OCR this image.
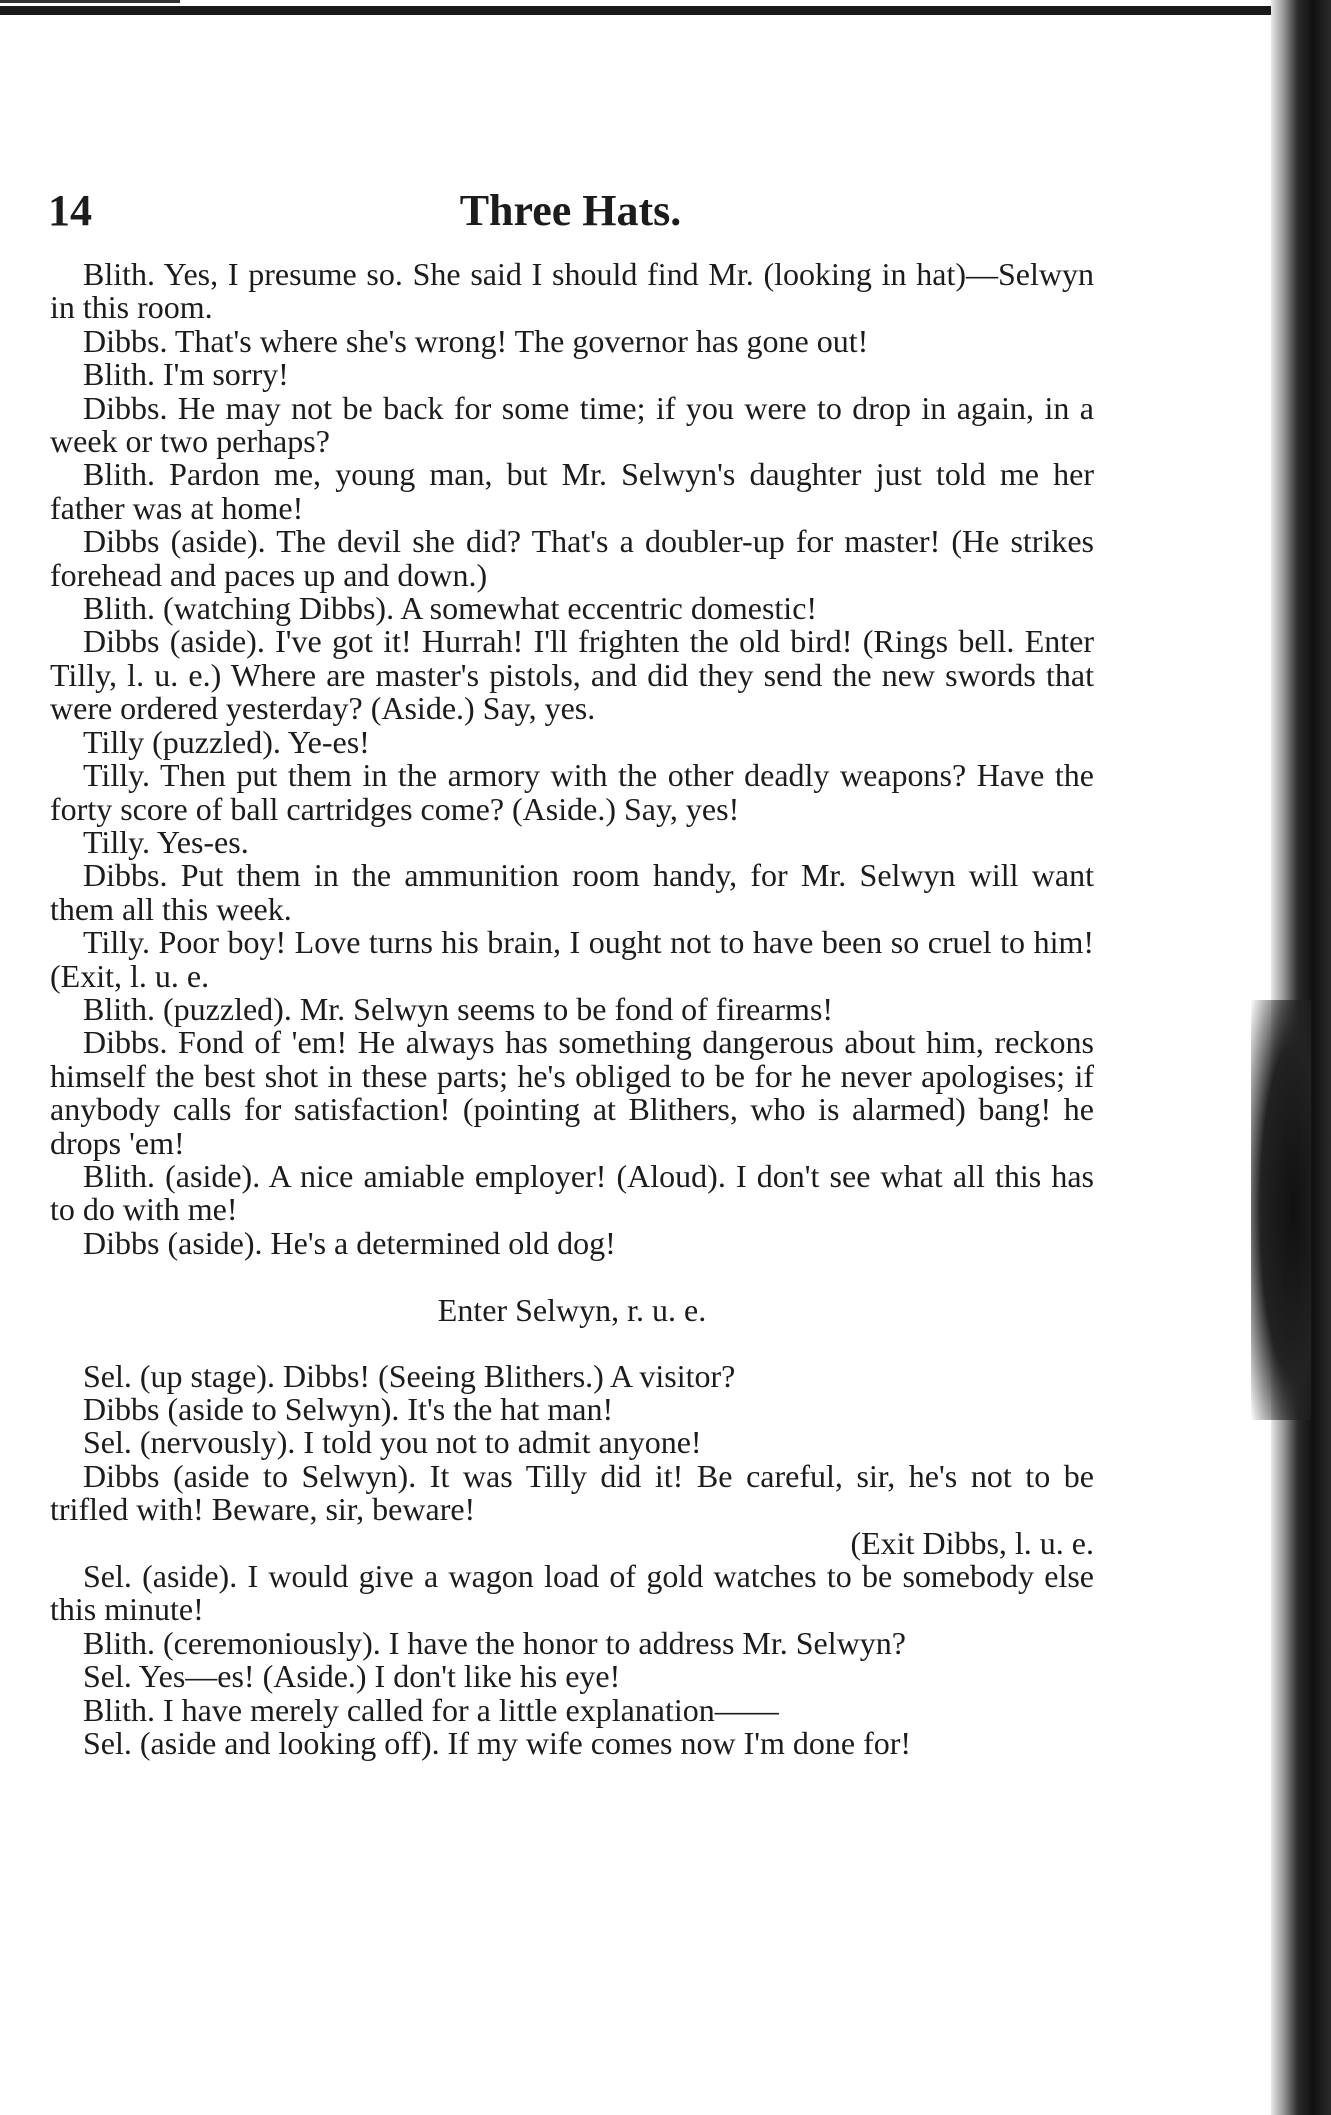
14	Three Hats.

Blith. Yes, I presume so. She said I should find Mr. (looking in hat)—Selwyn in this room.

Dibbs. That's where she's wrong! The governor has gone out!

Blith. I'm sorry!

Dibbs. He may not be back for some time; if you were to drop in again, in a week or two perhaps?

Blith. Pardon me, young man, but Mr. Selwyn's daughter just told me her father was at home!

Dibbs (aside). The devil she did? That's a doubler-up for master! (He strikes forehead and paces up and down.)

Blith. (watching Dibbs). A somewhat eccentric domestic!

Dibbs (aside). I've got it! Hurrah! I'll frighten the old bird! (Rings bell. Enter Tilly, l. u. e.) Where are master's pistols, and did they send the new swords that were ordered yesterday? (Aside.) Say, yes.

Tilly (puzzled). Ye-es!

Tilly. Then put them in the armory with the other deadly weapons? Have the forty score of ball cartridges come? (Aside.) Say, yes!

Tilly. Yes-es.

Dibbs. Put them in the ammunition room handy, for Mr. Selwyn will want them all this week.

Tilly. Poor boy! Love turns his brain, I ought not to have been so cruel to him! (Exit, l. u. e.

Blith. (puzzled). Mr. Selwyn seems to be fond of firearms!

Dibbs. Fond of 'em! He always has something dangerous about him, reckons himself the best shot in these parts; he's obliged to be for he never apologises; if anybody calls for satisfaction! (pointing at Blithers, who is alarmed) bang! he drops 'em!

Blith. (aside). A nice amiable employer! (Aloud). I don't see what all this has to do with me!

Dibbs (aside). He's a determined old dog!

Enter Selwyn, r. u. e.

Sel. (up stage). Dibbs! (Seeing Blithers.) A visitor?

Dibbs (aside to Selwyn). It's the hat man!

Sel. (nervously). I told you not to admit anyone!

Dibbs (aside to Selwyn). It was Tilly did it! Be careful, sir, he's not to be trifled with! Beware, sir, beware!

(Exit Dibbs, l. u. e.

Sel. (aside). I would give a wagon load of gold watches to be somebody else this minute!

Blith. (ceremoniously). I have the honor to address Mr. Selwyn?

Sel. Yes—es! (Aside.) I don't like his eye!

Blith. I have merely called for a little explanation——

Sel. (aside and looking off). If my wife comes now I'm done for!
